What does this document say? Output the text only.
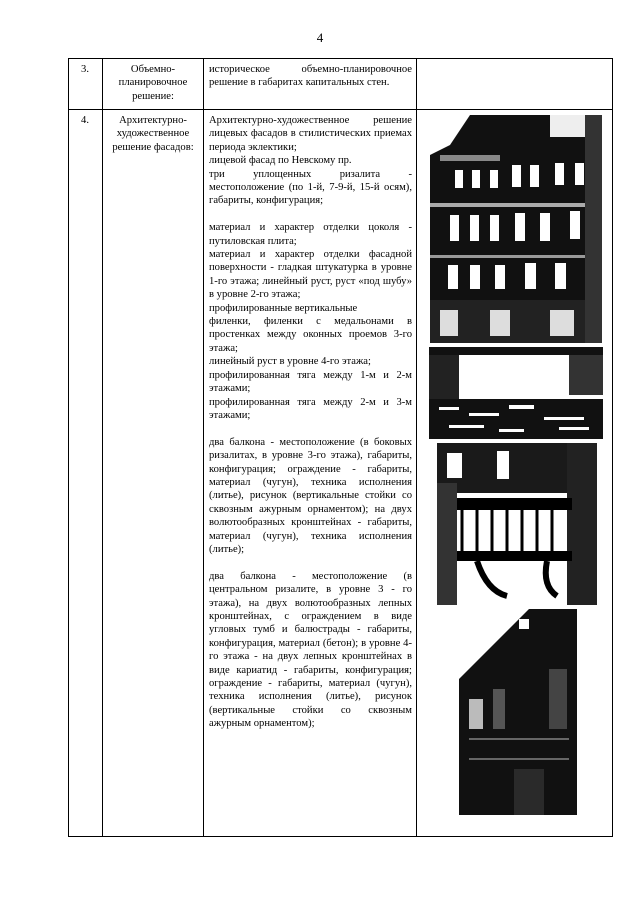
4
3.	Объемно-планировочное решение:

историческое объемно-планировочное решение в габаритах капитальных стен.

4.	Архитектурно-художественное решение фасадов:

Архитектурно-художественное решение лицевых фасадов в стилистических приемах периода эклектики;

лицевой фасад по Невскому пр.

три уплощенных ризалита - местоположение (по 1-й, 7-9-й, 15-й осям), габариты, конфигурация;

материал и характер отделки цоколя - путиловская плита;

материал и характер отделки фасадной поверхности - гладкая штукатурка в уровне 1-го этажа; линейный руст, руст «под шубу» в уровне 2-го этажа;

профилированные вертикальные

филенки, филенки с медальонами в простенках между оконных проемов 3-го этажа;

линейный руст в уровне 4-го этажа;

профилированная тяга между 1-м и 2-м этажами;

профилированная тяга между 2-м и 3-м этажами;

два балкона - местоположение (в боковых ризалитах, в уровне 3-го этажа), габариты, конфигурация; ограждение - габариты, материал (чугун), техника исполнения (литье), рисунок (вертикальные стойки со сквозным ажурным орнаментом); на двух волютообразных кронштейнах - габариты, материал (чугун), техника исполнения (литье);

два балкона - местоположение (в центральном ризалите, в уровне 3 - го этажа), на двух волютообразных лепных кронштейнах, с ограждением в виде угловых тумб и балюстрады - габариты, конфигурация, материал (бетон); в уровне 4-го этажа - на двух лепных кронштейнах в виде кариатид - габариты, конфигурация; ограждение - габариты, материал (чугун), техника исполнения (литье), рисунок (вертикальные стойки со сквозным ажурным орнаментом);
